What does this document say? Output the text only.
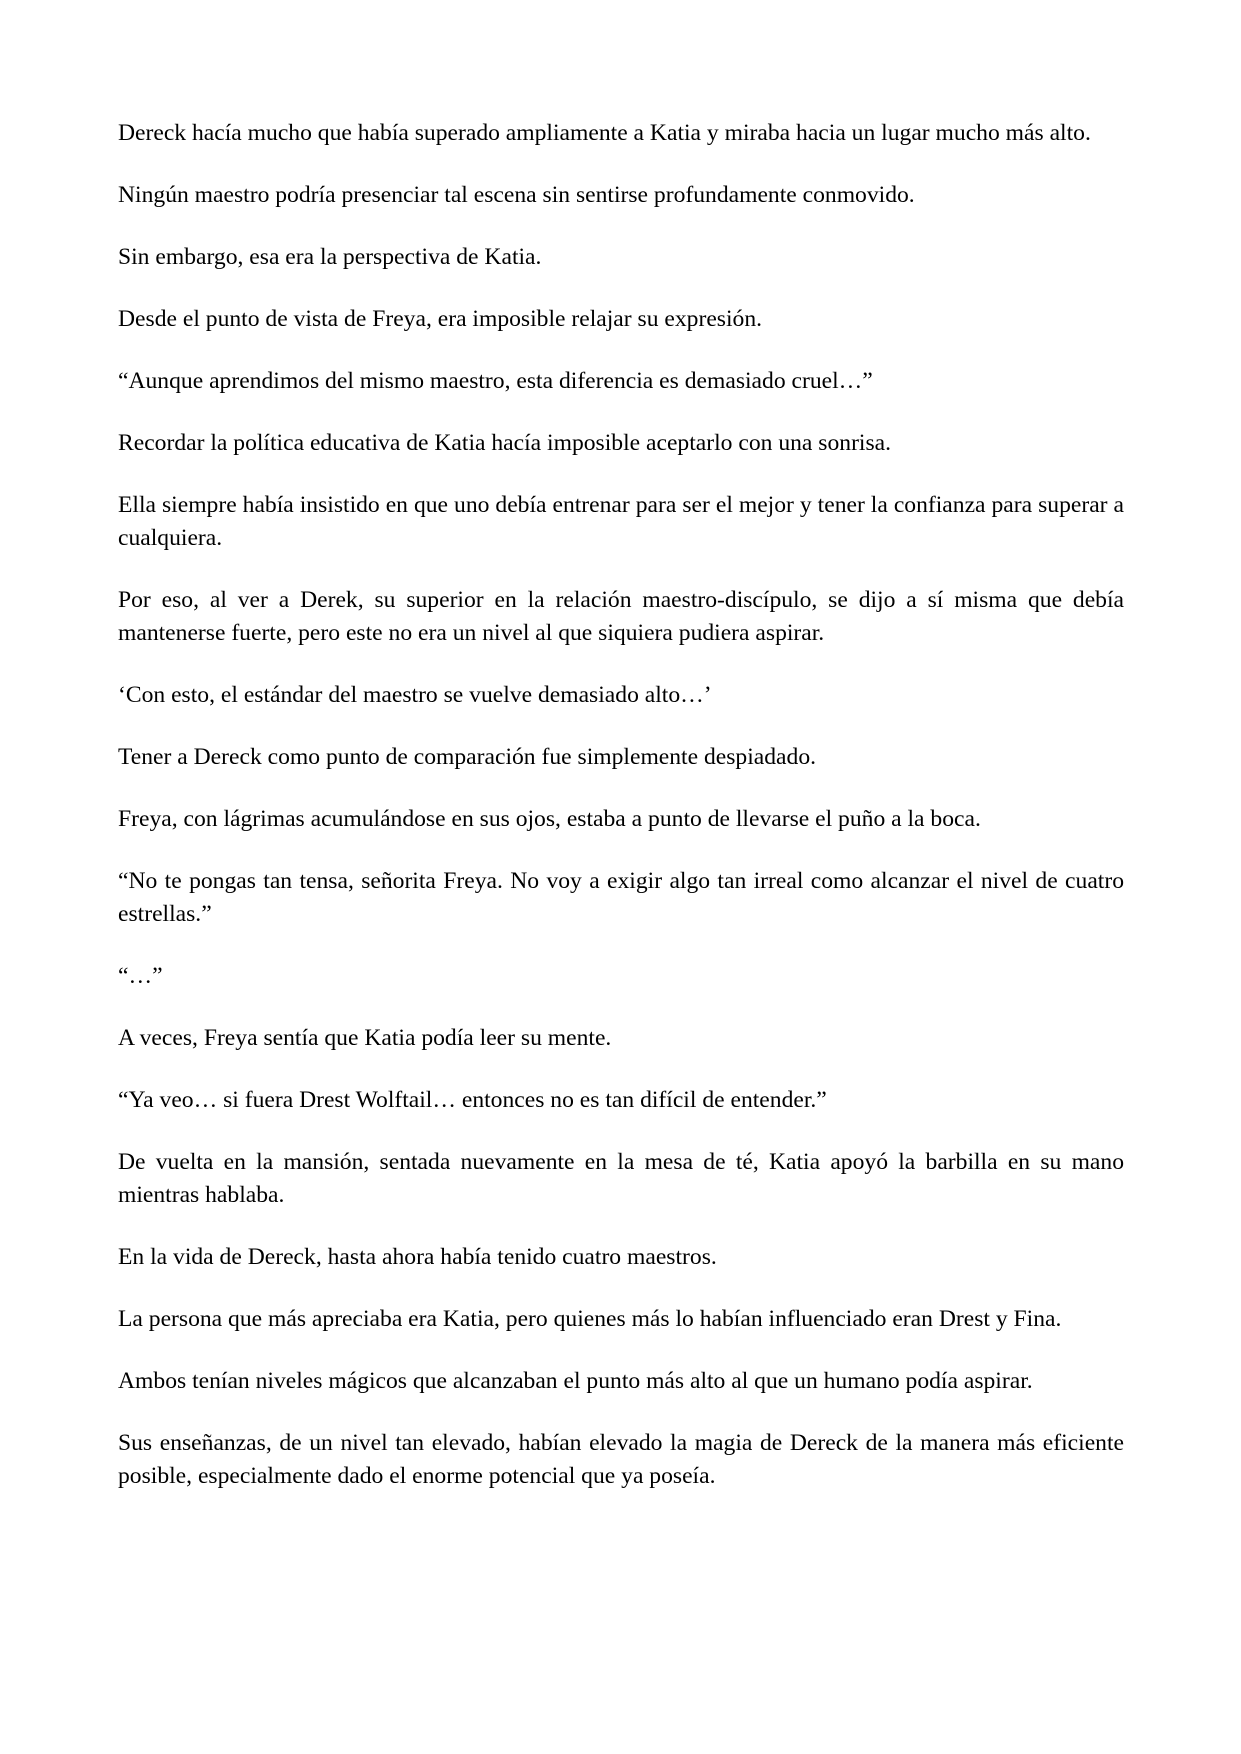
Dereck hacía mucho que había superado ampliamente a Katia y miraba hacia un lugar mucho más alto.

Ningún maestro podría presenciar tal escena sin sentirse profundamente conmovido.

Sin embargo, esa era la perspectiva de Katia.

Desde el punto de vista de Freya, era imposible relajar su expresión.

“Aunque aprendimos del mismo maestro, esta diferencia es demasiado cruel…”

Recordar la política educativa de Katia hacía imposible aceptarlo con una sonrisa.

Ella siempre había insistido en que uno debía entrenar para ser el mejor y tener la confianza para superar a cualquiera.

Por eso, al ver a Derek, su superior en la relación maestro-discípulo, se dijo a sí misma que debía mantenerse fuerte, pero este no era un nivel al que siquiera pudiera aspirar.

‘Con esto, el estándar del maestro se vuelve demasiado alto…’

Tener a Dereck como punto de comparación fue simplemente despiadado.

Freya, con lágrimas acumulándose en sus ojos, estaba a punto de llevarse el puño a la boca.

“No te pongas tan tensa, señorita Freya. No voy a exigir algo tan irreal como alcanzar el nivel de cuatro estrellas.”

“…”

A veces, Freya sentía que Katia podía leer su mente.

“Ya veo… si fuera Drest Wolftail… entonces no es tan difícil de entender.”

De vuelta en la mansión, sentada nuevamente en la mesa de té, Katia apoyó la barbilla en su mano mientras hablaba.

En la vida de Dereck, hasta ahora había tenido cuatro maestros.

La persona que más apreciaba era Katia, pero quienes más lo habían influenciado eran Drest y Fina.

Ambos tenían niveles mágicos que alcanzaban el punto más alto al que un humano podía aspirar.

Sus enseñanzas, de un nivel tan elevado, habían elevado la magia de Dereck de la manera más eficiente posible, especialmente dado el enorme potencial que ya poseía.
